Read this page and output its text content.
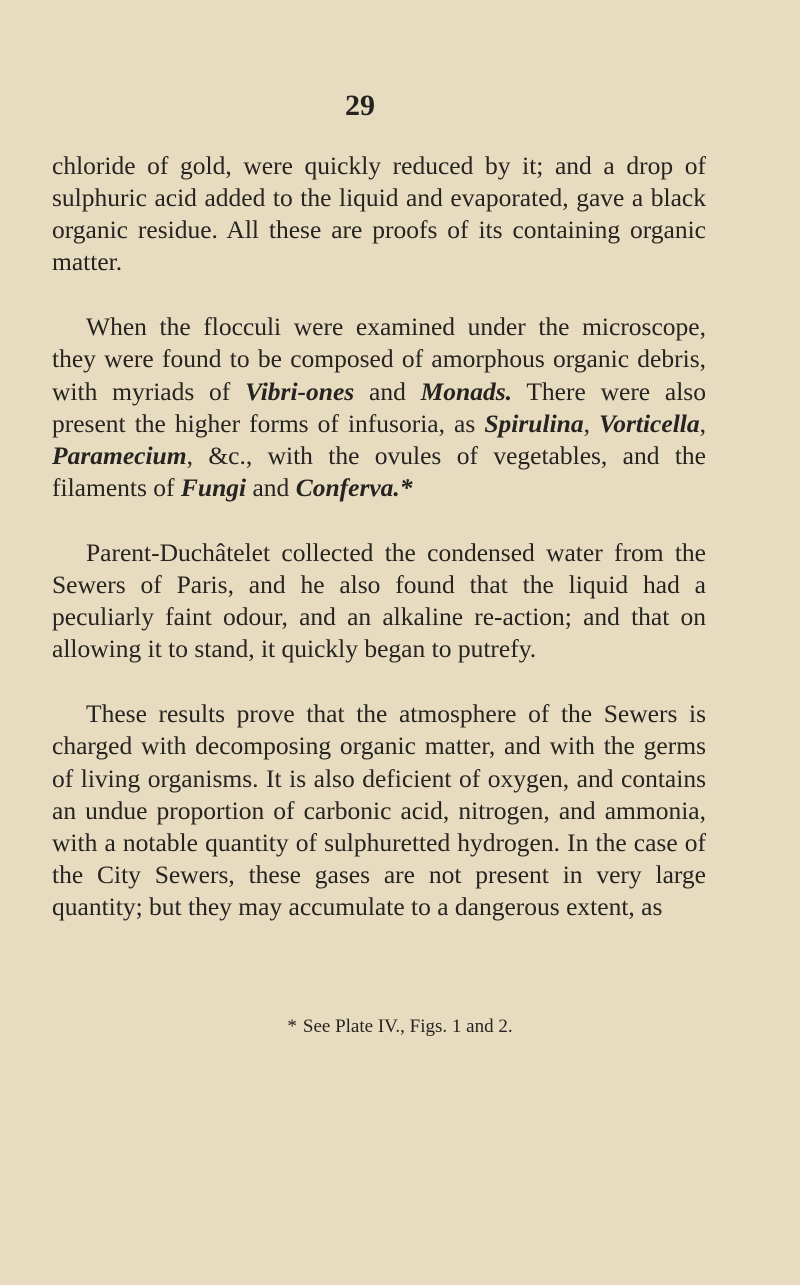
29

chloride of gold, were quickly reduced by it; and a drop of sulphuric acid added to the liquid and evaporated, gave a black organic residue. All these are proofs of its containing organic matter.

When the flocculi were examined under the microscope, they were found to be composed of amorphous organic debris, with myriads of Vibri-ones and Monads. There were also present the higher forms of infusoria, as Spirulina, Vorticella, Paramecium, &c., with the ovules of vegetables, and the filaments of Fungi and Conferva.*

Parent-Duchâtelet collected the condensed water from the Sewers of Paris, and he also found that the liquid had a peculiarly faint odour, and an alkaline re-action; and that on allowing it to stand, it quickly began to putrefy.

These results prove that the atmosphere of the Sewers is charged with decomposing organic matter, and with the germs of living organisms. It is also deficient of oxygen, and contains an undue proportion of carbonic acid, nitrogen, and ammonia, with a notable quantity of sulphuretted hydrogen. In the case of the City Sewers, these gases are not present in very large quantity; but they may accumulate to a dangerous extent, as

* See Plate IV., Figs. 1 and 2.
